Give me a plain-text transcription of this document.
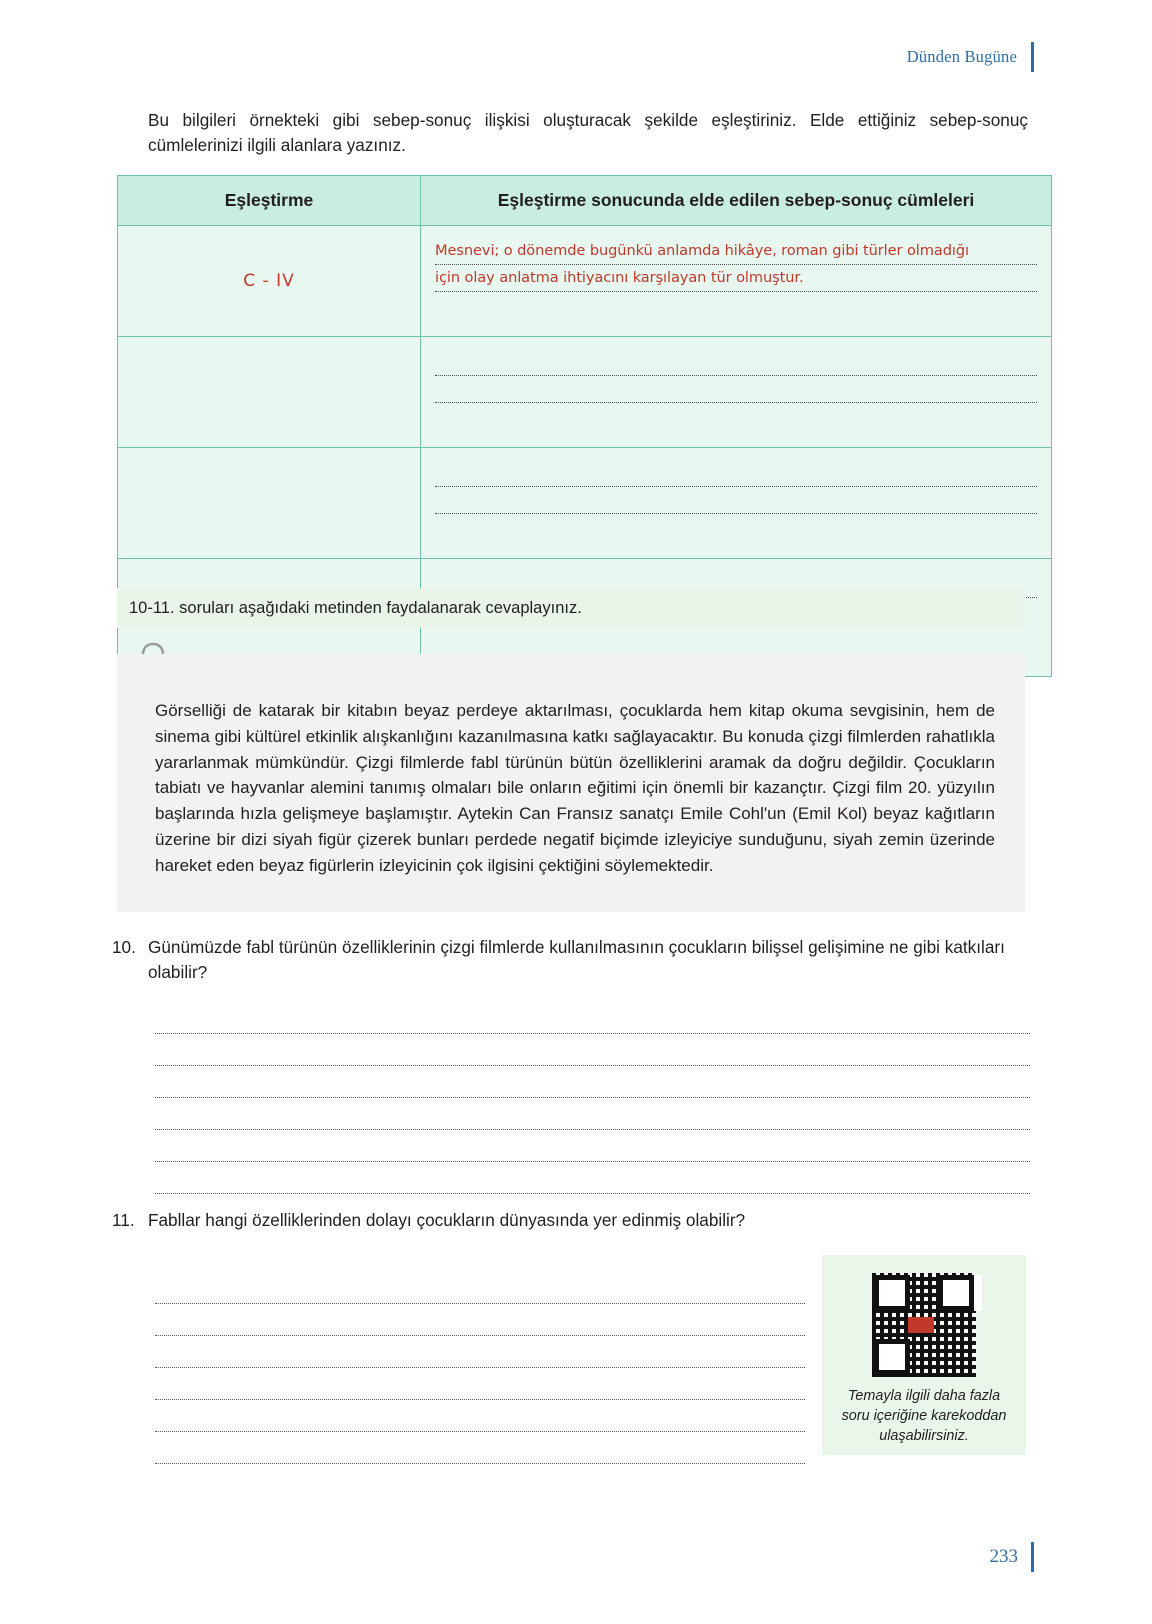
Dünden Bugüne
Bu bilgileri örnekteki gibi sebep-sonuç ilişkisi oluşturacak şekilde eşleştiriniz. Elde ettiğiniz sebep-sonuç cümlelerinizi ilgili alanlara yazınız.
Eşleştirme	Eşleştirme sonucunda elde edilen sebep-sonuç cümleleri
C - IV	Mesnevi; o dönemde bugünkü anlamda hikâye, roman gibi türler olmadığı
için olay anlatma ihtiyacını karşılayan tür olmuştur.

10-11. soruları aşağıdaki metinden faydalanarak cevaplayınız.

Görselliği de katarak bir kitabın beyaz perdeye aktarılması, çocuklarda hem kitap okuma sevgisinin, hem de sinema gibi kültürel etkinlik alışkanlığını kazanılmasına katkı sağlayacaktır. Bu konuda çizgi filmlerden rahatlıkla yararlanmak mümkündür. Çizgi filmlerde fabl türünün bütün özelliklerini aramak da doğru değildir. Çocukların tabiatı ve hayvanlar alemini tanımış olmaları bile onların eğitimi için önemli bir kazançtır. Çizgi film 20. yüzyılın başlarında hızla gelişmeye başlamıştır. Aytekin Can Fransız sanatçı Emile Cohl'un (Emil Kol) beyaz kağıtların üzerine bir dizi siyah figür çizerek bunları perdede negatif biçimde izleyiciye sunduğunu, siyah zemin üzerinde hareket eden beyaz figürlerin izleyicinin çok ilgisini çektiğini söylemektedir.

10. Günümüzde fabl türünün özelliklerinin çizgi filmlerde kullanılmasının çocukların bilişsel gelişimine ne gibi katkıları olabilir?
11. Fabllar hangi özelliklerinden dolayı çocukların dünyasında yer edinmiş olabilir?
Temayla ilgili daha fazla soru içeriğine karekoddan ulaşabilirsiniz.
233
